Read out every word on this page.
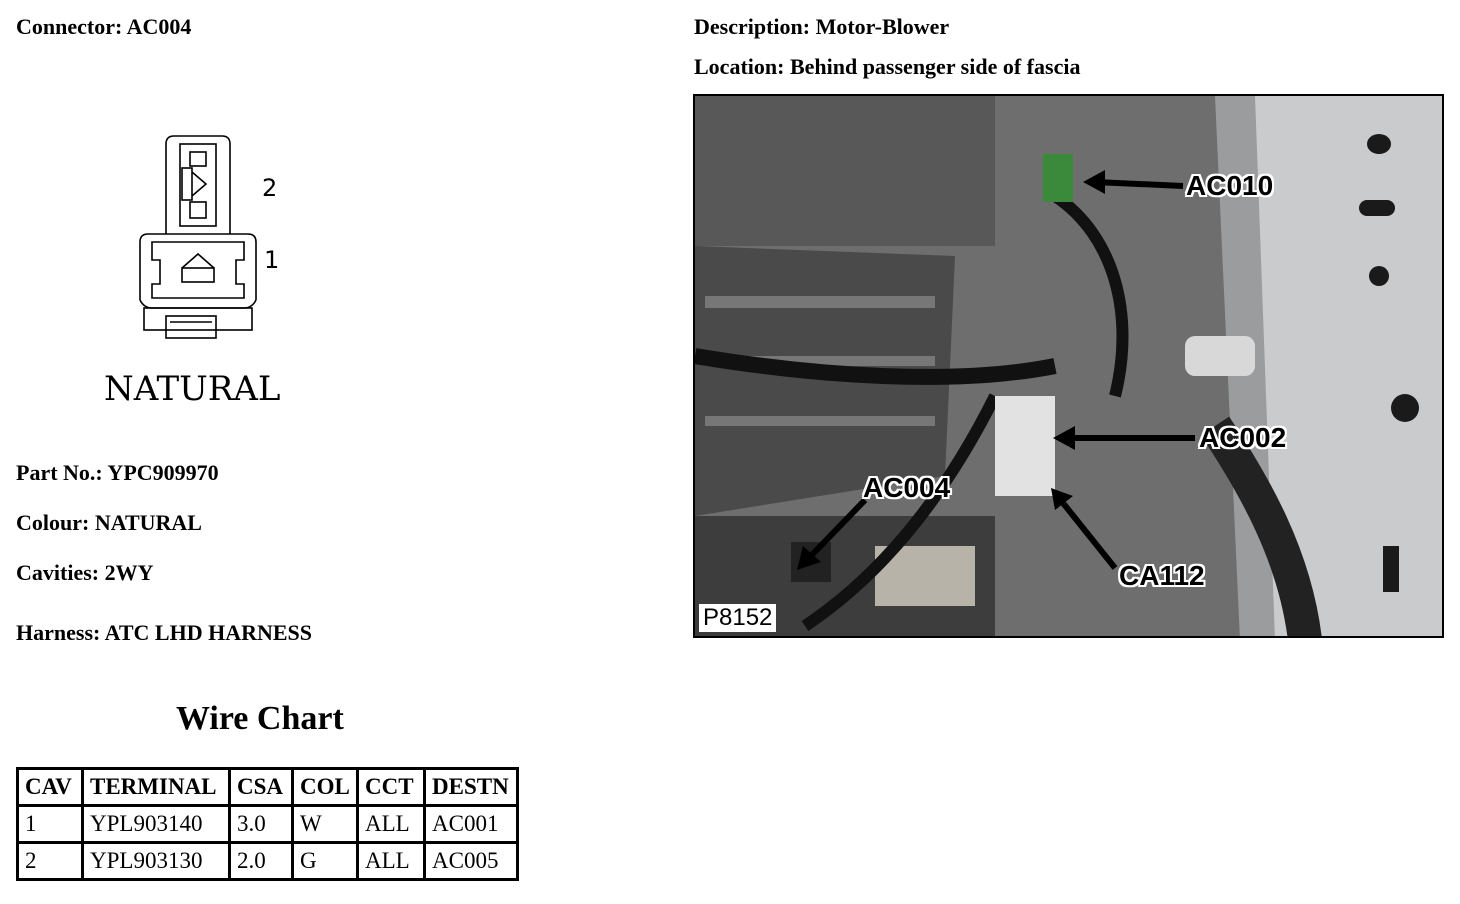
Connector: AC004
2
1
NATURAL
Part No.: YPC909970
Colour: NATURAL
Cavities: 2WY
Harness: ATC LHD HARNESS
Wire Chart
CAV	TERMINAL	CSA	COL	CCT	DESTN
1	YPL903140	3.0	W	ALL	AC001
2	YPL903130	2.0	G	ALL	AC005
Description: Motor-Blower
Location: Behind passenger side of fascia
AC010
AC002
AC004
CA112
P8152
